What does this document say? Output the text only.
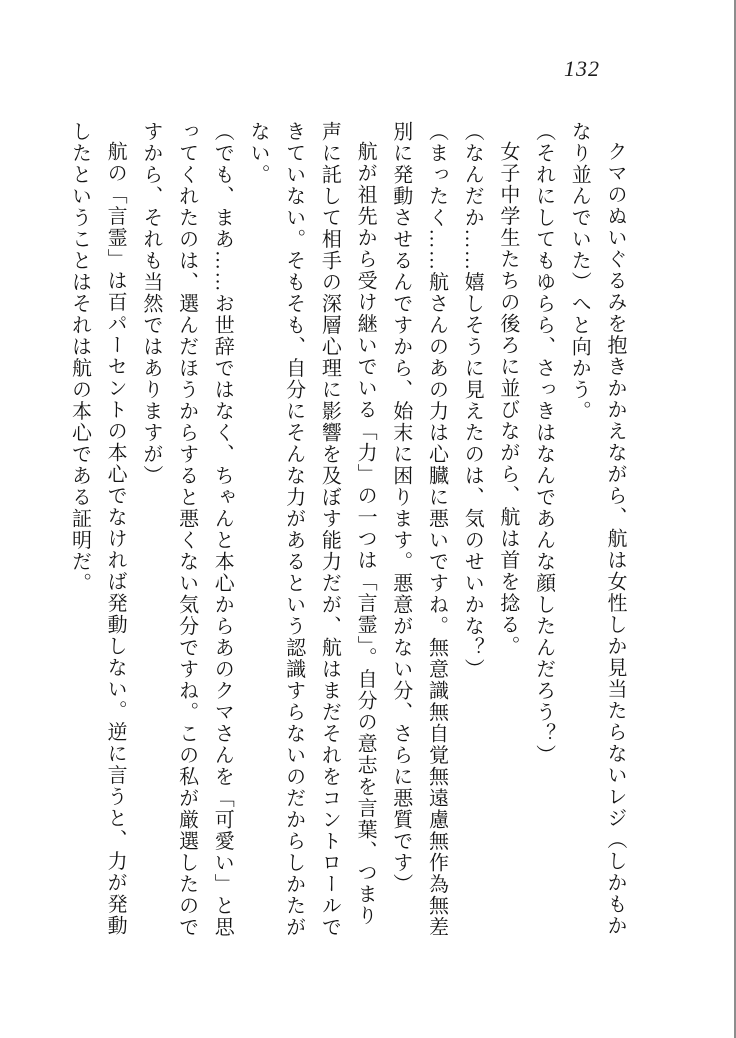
132

クマのぬいぐるみを抱きかかえながら、航は女性しか見当たらないレジ（しかもかなり並んでいた）へと向かう。

（それにしてもゆらら、さっきはなんであんな顔したんだろう？）

女子中学生たちの後ろに並びながら、航は首を捻る。

（なんだか……嬉しそうに見えたのは、気のせいかな？）

（まったく……航さんのあの力は心臓に悪いですね。無意識無自覚無遠慮無作為無差別に発動させるんですから、始末に困ります。悪意がない分、さらに悪質です）

航が祖先から受け継いでいる「力」の一つは「言霊」。自分の意志を言葉、つまり声に託して相手の深層心理に影響を及ぼす能力だが、航はまだそれをコントロールできていない。そもそも、自分にそんな力があるという認識すらないのだからしかたがない。

（でも、まあ……お世辞ではなく、ちゃんと本心からあのクマさんを「可愛い」と思ってくれたのは、選んだほうからすると悪くない気分ですね。この私が厳選したのですから、それも当然ではありますが）

航の「言霊」は百パーセントの本心でなければ発動しない。逆に言うと、力が発動したということはそれは航の本心である証明だ。
